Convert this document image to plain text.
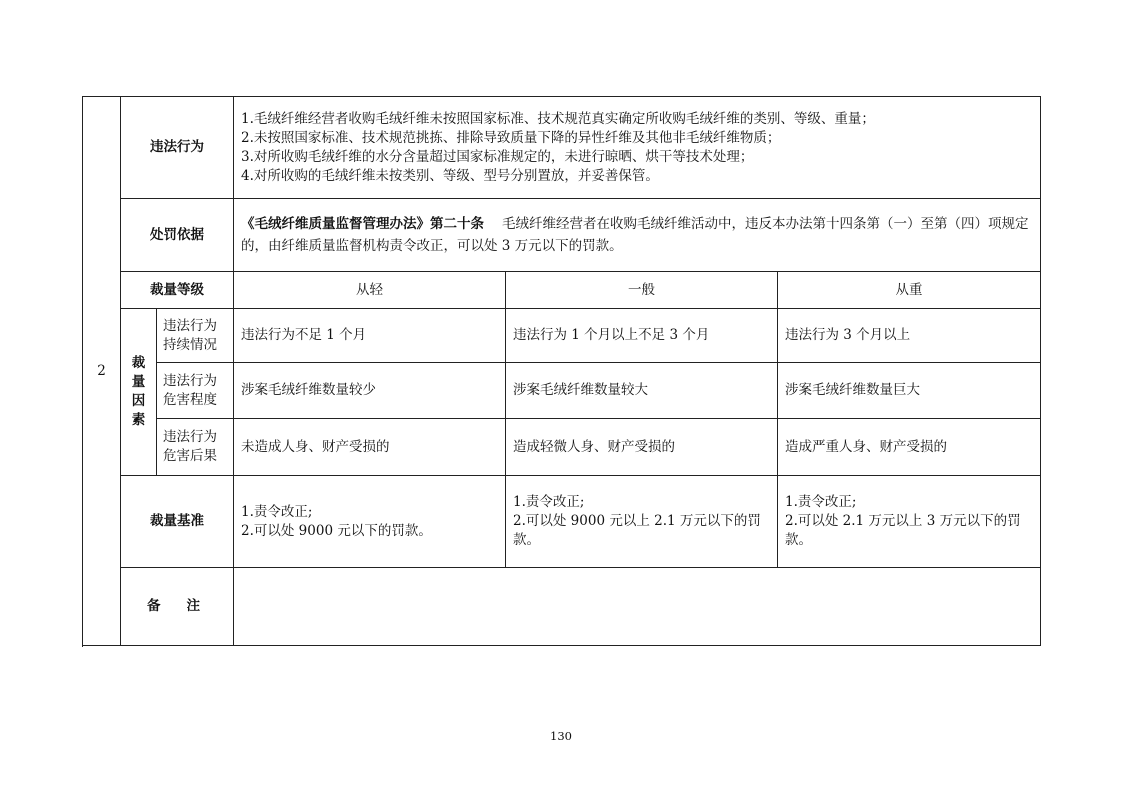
2	违法行为		1.毛绒纤维经营者收购毛绒纤维未按照国家标准、技术规范真实确定所收购毛绒纤维的类别、等级、重量；
2.未按照国家标准、技术规范挑拣、排除导致质量下降的异性纤维及其他非毛绒纤维物质；
3.对所收购毛绒纤维的水分含量超过国家标准规定的，未进行晾晒、烘干等技术处理；
4.对所收购的毛绒纤维未按类别、等级、型号分别置放，并妥善保管。		

	处罚依据		《毛绒纤维质量监督管理办法》第二十条 毛绒纤维经营者在收购毛绒纤维活动中，违反本办法第十四条第（一）至第（四）项规定的，由纤维质量监督机构责令改正，可以处 3 万元以下的罚款。		
	裁量等级		从轻	一般	从重

	裁
量
因
素	违法行为
持续情况	违法行为不足 1 个月	违法行为 1 个月以上不足 3 个月	违法行为 3 个月以上

		违法行为
危害程度	涉案毛绒纤维数量较少	涉案毛绒纤维数量较大	涉案毛绒纤维数量巨大

		违法行为
危害后果	未造成人身、财产受损的	造成轻微人身、财产受损的	造成严重人身、财产受损的
	裁量基准		1.责令改正;
2.可以处 9000 元以下的罚款。	1.责令改正;
2.可以处 9000 元以上 2.1 万元以下的罚款。	1.责令改正;
2.可以处 2.1 万元以上 3 万元以下的罚款。

	备注				

130
